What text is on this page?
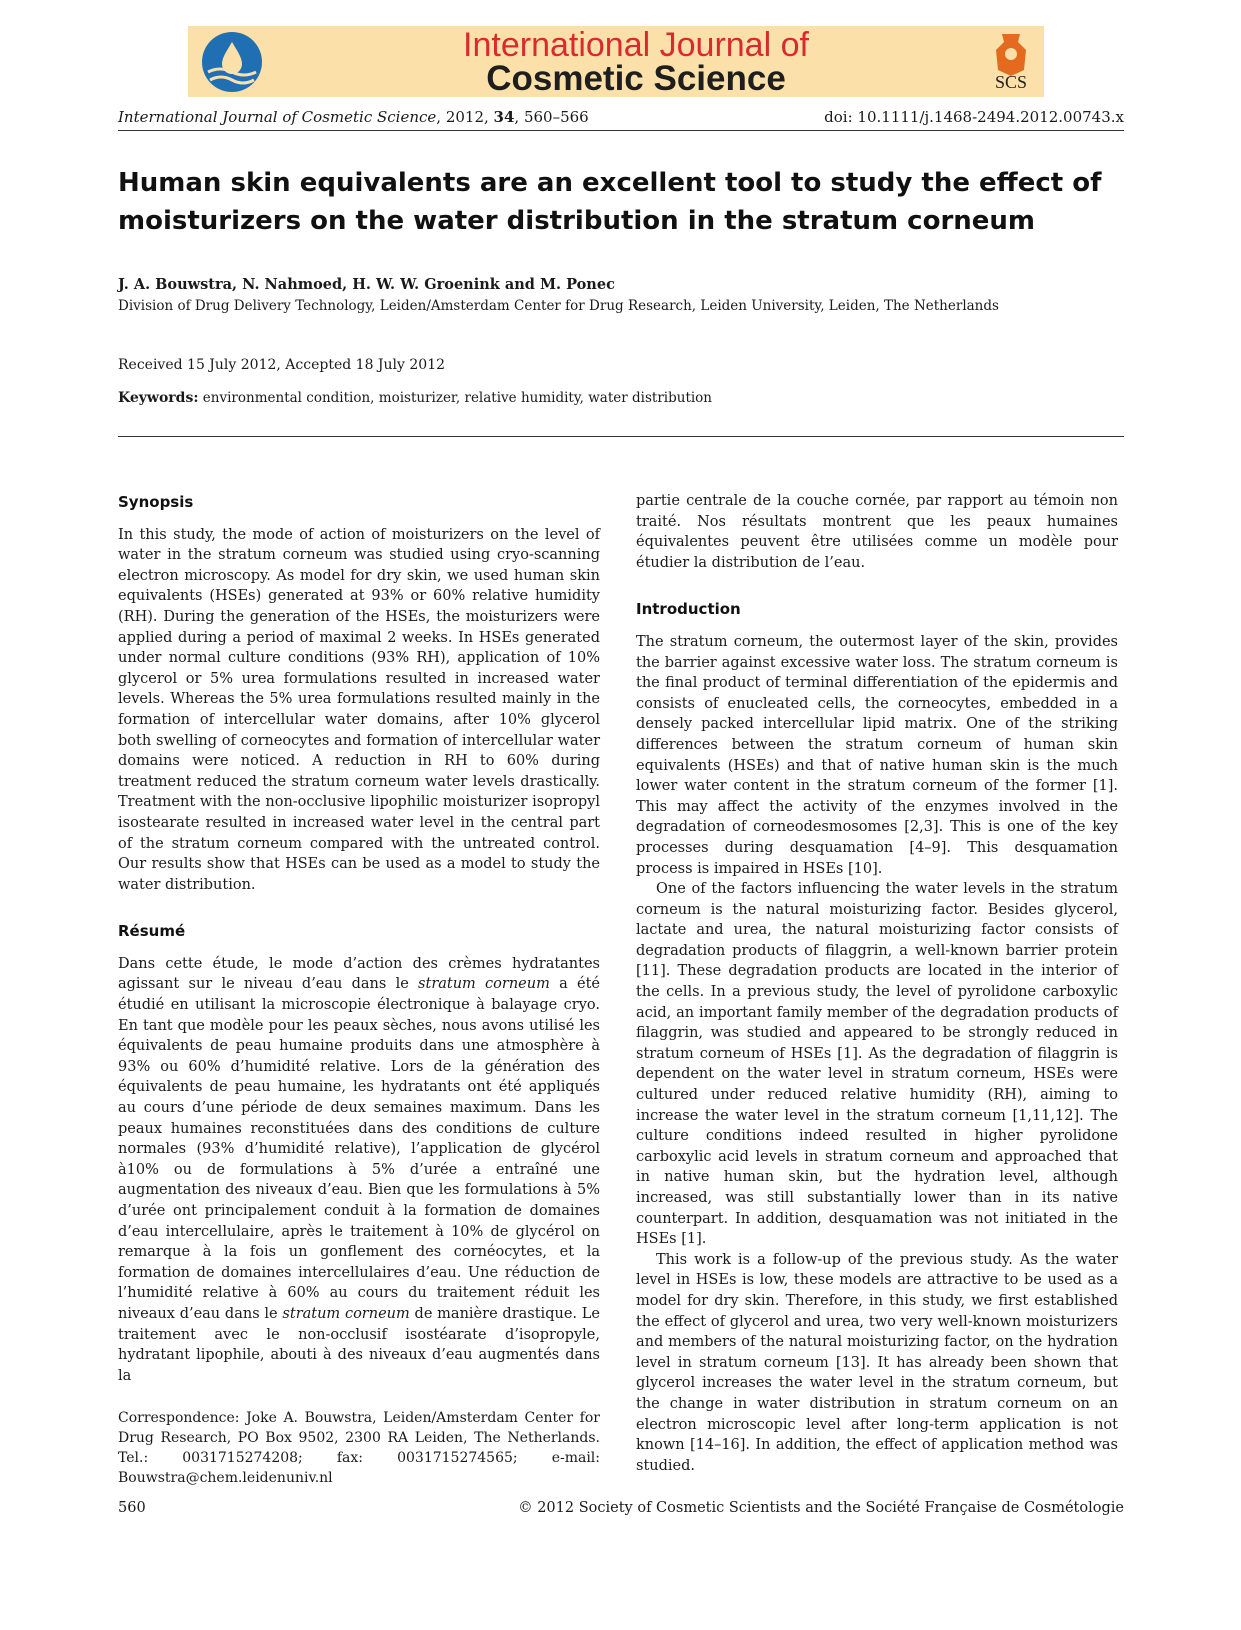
International Journal of
Cosmetic Science	SCS
International Journal of Cosmetic Science, 2012, 34, 560–566	doi: 10.1111/j.1468-2494.2012.00743.x
Human skin equivalents are an excellent tool to study the effect of moisturizers on the water distribution in the stratum corneum
J. A. Bouwstra, N. Nahmoed, H. W. W. Groenink and M. Ponec
Division of Drug Delivery Technology, Leiden/Amsterdam Center for Drug Research, Leiden University, Leiden, The Netherlands
Received 15 July 2012, Accepted 18 July 2012
Keywords: environmental condition, moisturizer, relative humidity, water distribution
Synopsis

In this study, the mode of action of moisturizers on the level of water in the stratum corneum was studied using cryo-scanning electron microscopy. As model for dry skin, we used human skin equivalents (HSEs) generated at 93% or 60% relative humidity (RH). During the generation of the HSEs, the moisturizers were applied during a period of maximal 2 weeks. In HSEs generated under normal culture conditions (93% RH), application of 10% glycerol or 5% urea formulations resulted in increased water levels. Whereas the 5% urea formulations resulted mainly in the formation of intercellular water domains, after 10% glycerol both swelling of corneocytes and formation of intercellular water domains were noticed. A reduction in RH to 60% during treatment reduced the stratum corneum water levels drastically. Treatment with the non-occlusive lipophilic moisturizer isopropyl isostearate resulted in increased water level in the central part of the stratum corneum compared with the untreated control. Our results show that HSEs can be used as a model to study the water distribution.

Résumé

Dans cette étude, le mode d’action des crèmes hydratantes agissant sur le niveau d’eau dans le stratum corneum a été étudié en utilisant la microscopie électronique à balayage cryo. En tant que modèle pour les peaux sèches, nous avons utilisé les équivalents de peau humaine produits dans une atmosphère à 93% ou 60% d’humidité relative. Lors de la génération des équivalents de peau humaine, les hydratants ont été appliqués au cours d’une période de deux semaines maximum. Dans les peaux humaines reconstituées dans des conditions de culture normales (93% d’humidité relative), l’application de glycérol à10% ou de formulations à 5% d’urée a entraîné une augmentation des niveaux d’eau. Bien que les formulations à 5% d’urée ont principalement conduit à la formation de domaines d’eau intercellulaire, après le traitement à 10% de glycérol on remarque à la fois un gonflement des cornéocytes, et la formation de domaines intercellulaires d’eau. Une réduction de l’humidité relative à 60% au cours du traitement réduit les niveaux d’eau dans le stratum corneum de manière drastique. Le traitement avec le non-occlusif isostéarate d’isopropyle, hydratant lipophile, abouti à des niveaux d’eau augmentés dans la

Correspondence: Joke A. Bouwstra, Leiden/Amsterdam Center for Drug Research, PO Box 9502, 2300 RA Leiden, The Netherlands. Tel.: 0031715274208; fax: 0031715274565; e-mail: Bouwstra@chem.leidenuniv.nl

partie centrale de la couche cornée, par rapport au témoin non traité. Nos résultats montrent que les peaux humaines équivalentes peuvent être utilisées comme un modèle pour étudier la distribution de l’eau.

Introduction

The stratum corneum, the outermost layer of the skin, provides the barrier against excessive water loss. The stratum corneum is the final product of terminal differentiation of the epidermis and consists of enucleated cells, the corneocytes, embedded in a densely packed intercellular lipid matrix. One of the striking differences between the stratum corneum of human skin equivalents (HSEs) and that of native human skin is the much lower water content in the stratum corneum of the former [1]. This may affect the activity of the enzymes involved in the degradation of corneodesmosomes [2,3]. This is one of the key processes during desquamation [4–9]. This desquamation process is impaired in HSEs [10].

One of the factors influencing the water levels in the stratum corneum is the natural moisturizing factor. Besides glycerol, lactate and urea, the natural moisturizing factor consists of degradation products of filaggrin, a well-known barrier protein [11]. These degradation products are located in the interior of the cells. In a previous study, the level of pyrolidone carboxylic acid, an important family member of the degradation products of filaggrin, was studied and appeared to be strongly reduced in stratum corneum of HSEs [1]. As the degradation of filaggrin is dependent on the water level in stratum corneum, HSEs were cultured under reduced relative humidity (RH), aiming to increase the water level in the stratum corneum [1,11,12]. The culture conditions indeed resulted in higher pyrolidone carboxylic acid levels in stratum corneum and approached that in native human skin, but the hydration level, although increased, was still substantially lower than in its native counterpart. In addition, desquamation was not initiated in the HSEs [1].

This work is a follow-up of the previous study. As the water level in HSEs is low, these models are attractive to be used as a model for dry skin. Therefore, in this study, we first established the effect of glycerol and urea, two very well-known moisturizers and members of the natural moisturizing factor, on the hydration level in stratum corneum [13]. It has already been shown that glycerol increases the water level in the stratum corneum, but the change in water distribution in stratum corneum on an electron microscopic level after long-term application is not known [14–16]. In addition, the effect of application method was studied.

560	© 2012 Society of Cosmetic Scientists and the Société Française de Cosmétologie
